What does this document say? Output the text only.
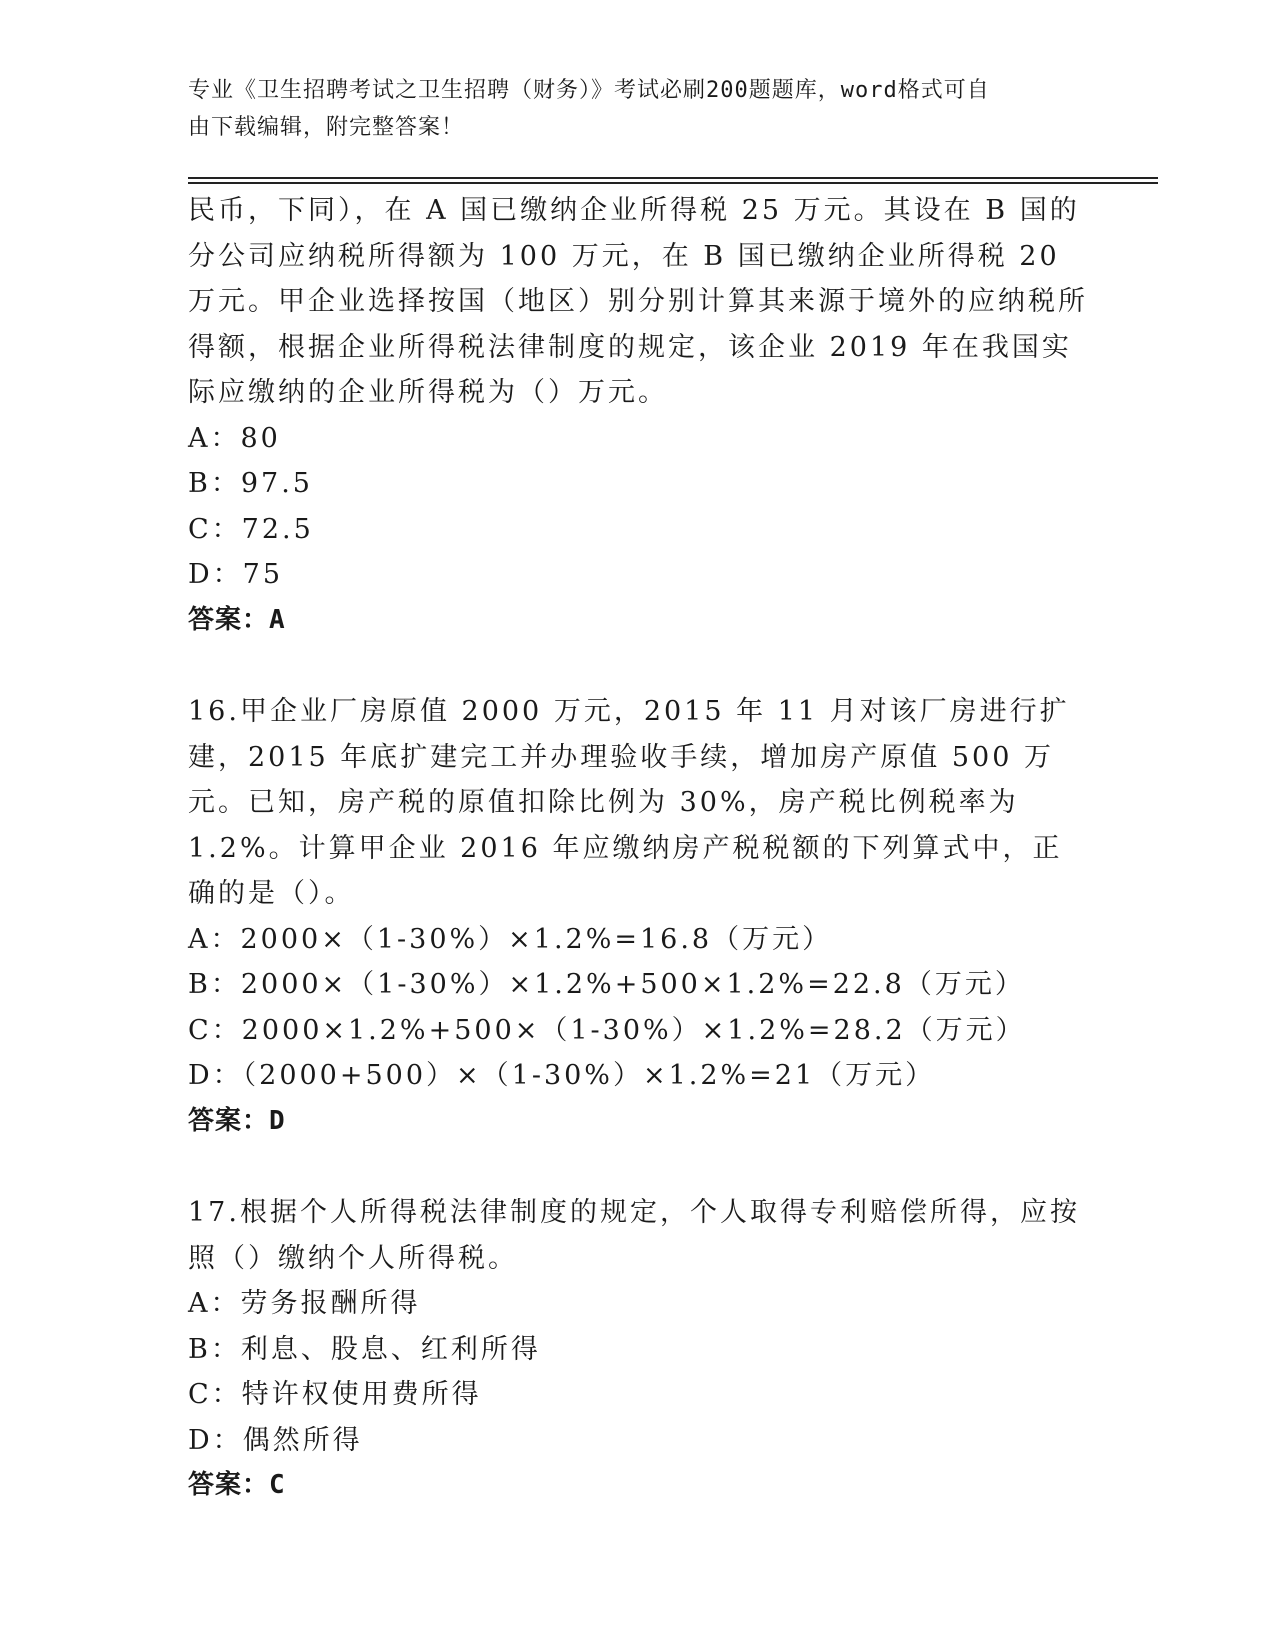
专业《卫生招聘考试之卫生招聘（财务）》考试必刷200题题库，word格式可自
由下载编辑，附完整答案！

民币，下同），在 A 国已缴纳企业所得税 25 万元。其设在 B 国的分公司应纳税所得额为 100 万元，在 B 国已缴纳企业所得税 20 万元。甲企业选择按国（地区）别分别计算其来源于境外的应纳税所得额，根据企业所得税法律制度的规定，该企业 2019 年在我国实际应缴纳的企业所得税为（）万元。

A：80

B：97.5

C：72.5

D：75

答案：A

16.甲企业厂房原值 2000 万元，2015 年 11 月对该厂房进行扩建，2015 年底扩建完工并办理验收手续，增加房产原值 500 万元。已知，房产税的原值扣除比例为 30%，房产税比例税率为 1.2%。计算甲企业 2016 年应缴纳房产税税额的下列算式中，正确的是（）。

A：2000×（1-30%）×1.2%=16.8（万元）

B：2000×（1-30%）×1.2%+500×1.2%=22.8（万元）

C：2000×1.2%+500×（1-30%）×1.2%=28.2（万元）

D：（2000+500）×（1-30%）×1.2%=21（万元）

答案：D

17.根据个人所得税法律制度的规定，个人取得专利赔偿所得，应按照（）缴纳个人所得税。

A：劳务报酬所得

B：利息、股息、红利所得

C：特许权使用费所得

D：偶然所得

答案：C
